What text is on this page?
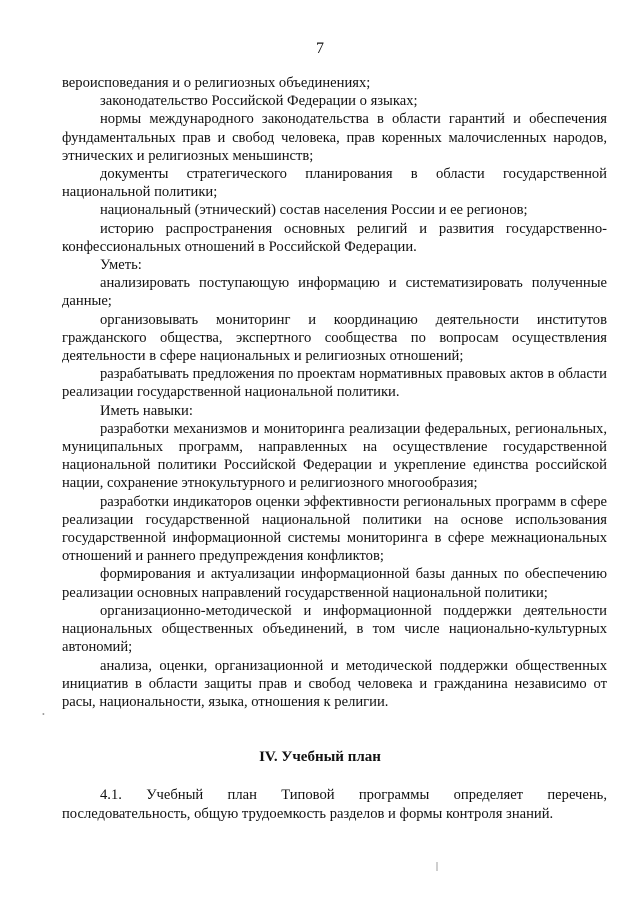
7

вероисповедания и о религиозных объединениях;

законодательство Российской Федерации о языках;

нормы международного законодательства в области гарантий и обеспечения фундаментальных прав и свобод человека, прав коренных малочисленных народов, этнических и религиозных меньшинств;

документы стратегического планирования в области государственной национальной политики;

национальный (этнический) состав населения России и ее регионов;

историю распространения основных религий и развития государственно-конфессиональных отношений в Российской Федерации.

Уметь:

анализировать поступающую информацию и систематизировать полученные данные;

организовывать мониторинг и координацию деятельности институтов гражданского общества, экспертного сообщества по вопросам осуществления деятельности в сфере национальных и религиозных отношений;

разрабатывать предложения по проектам нормативных правовых актов в области реализации государственной национальной политики.

Иметь навыки:

разработки механизмов и мониторинга реализации федеральных, региональных, муниципальных программ, направленных на осуществление государственной национальной политики Российской Федерации и укрепление единства российской нации, сохранение этнокультурного и религиозного многообразия;

разработки индикаторов оценки эффективности региональных программ в сфере реализации государственной национальной политики на основе использования государственной информационной системы мониторинга в сфере межнациональных отношений и раннего предупреждения конфликтов;

формирования и актуализации информационной базы данных по обеспечению реализации основных направлений государственной национальной политики;

организационно-методической и информационной поддержки деятельности национальных общественных объединений, в том числе национально-культурных автономий;

анализа, оценки, организационной и методической поддержки общественных инициатив в области защиты прав и свобод человека и гражданина независимо от расы, национальности, языка, отношения к религии.

IV. Учебный план

4.1. Учебный план Типовой программы определяет перечень, последовательность, общую трудоемкость разделов и формы контроля знаний.

•
